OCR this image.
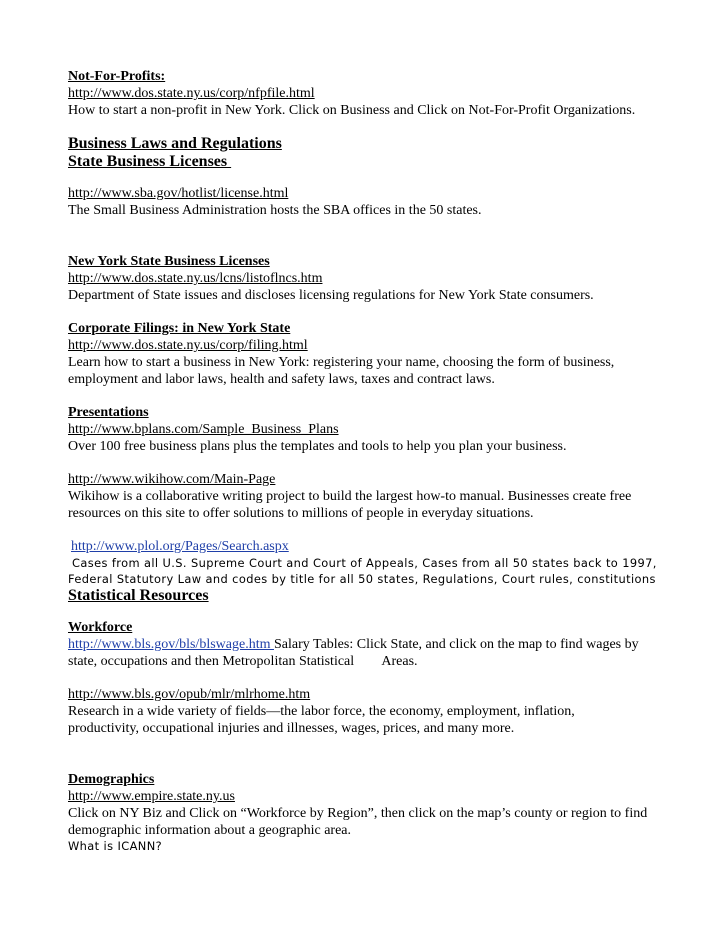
Not-For-Profits:
http://www.dos.state.ny.us/corp/nfpfile.html
How to start a non-profit in New York. Click on Business and Click on Not-For-Profit Organizations.
Business Laws and Regulations
State Business Licenses
http://www.sba.gov/hotlist/license.html
The Small Business Administration hosts the SBA offices in the 50 states.
New York State Business Licenses
http://www.dos.state.ny.us/lcns/listoflncs.htm
Department of State issues and discloses licensing regulations for New York State consumers.
Corporate Filings: in New York State
http://www.dos.state.ny.us/corp/filing.html
Learn how to start a business in New York: registering your name, choosing the form of business,
employment and labor laws, health and safety laws, taxes and contract laws.
Presentations
http://www.bplans.com/Sample_Business_Plans
Over 100 free business plans plus the templates and tools to help you plan your business.
http://www.wikihow.com/Main-Page
Wikihow is a collaborative writing project to build the largest how-to manual. Businesses create free
resources on this site to offer solutions to millions of people in everyday situations.
http://www.plol.org/Pages/Search.aspx
Cases from all U.S. Supreme Court and Court of Appeals, Cases from all 50 states back to 1997,
Federal Statutory Law and codes by title for all 50 states, Regulations, Court rules, constitutions
Statistical Resources
Workforce
http://www.bls.gov/bls/blswage.htm Salary Tables: Click State, and click on the map to find wages by
state, occupations and then Metropolitan Statistical        Areas.
http://www.bls.gov/opub/mlr/mlrhome.htm
Research in a wide variety of fields—the labor force, the economy, employment, inflation,
productivity, occupational injuries and illnesses, wages, prices, and many more.
Demographics
http://www.empire.state.ny.us
Click on NY Biz and Click on “Workforce by Region”, then click on the map’s county or region to find
demographic information about a geographic area.
What is ICANN?
